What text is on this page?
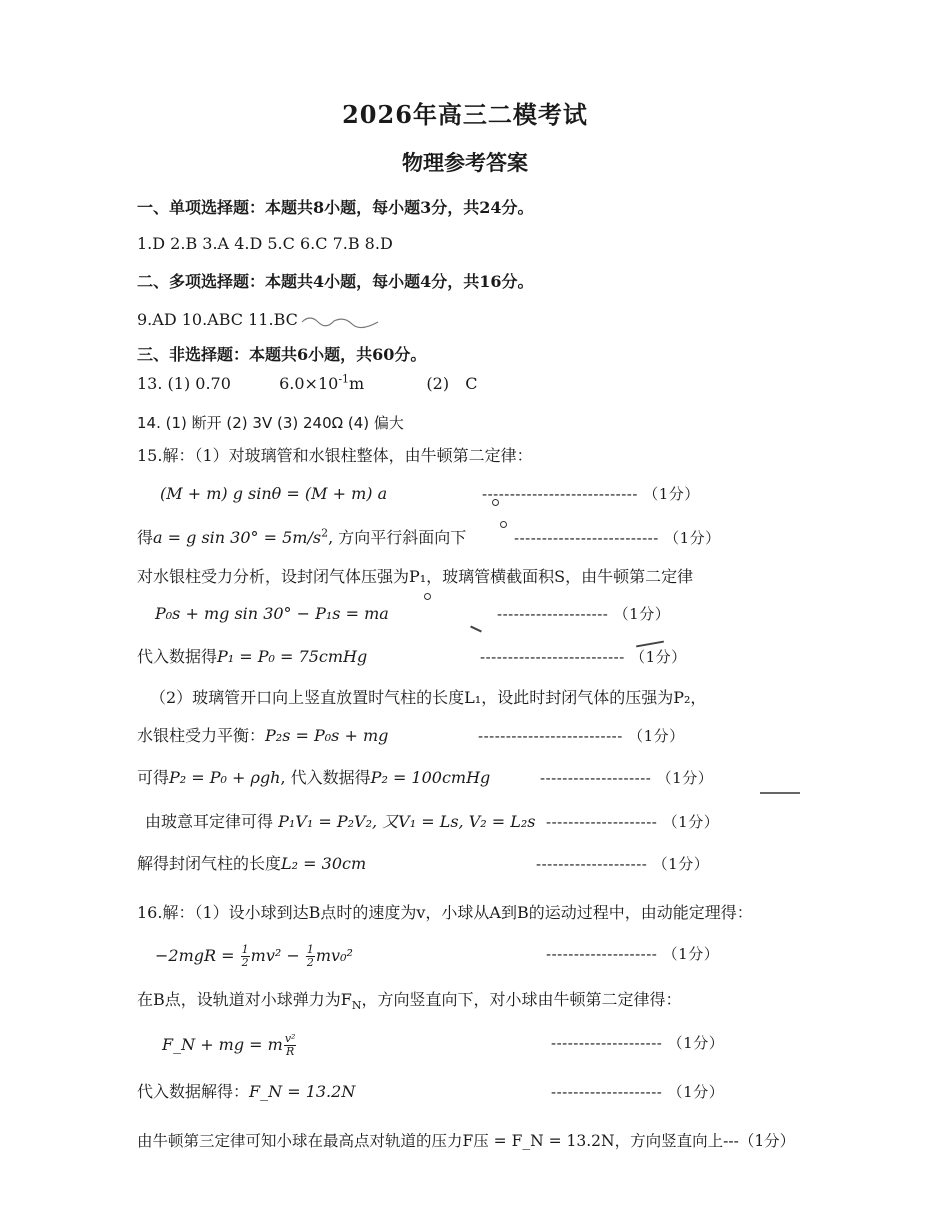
2026年高三二模考试
物理参考答案
一、单项选择题：本题共8小题，每小题3分，共24分。
1.D 2.B 3.A 4.D 5.C 6.C 7.B 8.D
二、多项选择题：本题共4小题，每小题4分，共16分。
9.AD 10.ABC 11.BC
三、非选择题：本题共6小题，共60分。
13. (1) 0.70	$6.0\times 10^{-1}m$	(2) C
14. (1) 断开 (2) 3V (3) 240Ω (4) 偏大
15.解：（1）对玻璃管和水银柱整体，由牛顿第二定律：
(M + m) g sinθ = (M + m) a	---------------------------- （1分）
得a = g $\sin 30^\circ = 5m/s^2$, 方向平行斜面向下	-------------------------- （1分）
对水银柱受力分析，设封闭气体压强为P₁，玻璃管横截面积S，由牛顿第二定律
P₀s + mg sin 30° − P₁s = ma	-------------------- （1分）
代入数据得P₁ = P₀ = 75cmHg	-------------------------- （1分）
（2）玻璃管开口向上竖直放置时气柱的长度L₁，设此时封闭气体的压强为P₂，
水银柱受力平衡：P₂s = P₀s + mg	-------------------------- （1分）
可得P₂ = P₀ + ρgh, 代入数据得P₂ = 100cmHg	-------------------- （1分）
由玻意耳定律可得 P₁V₁ = P₂V₂, 又V₁ = Ls, V₂ = L₂s -------------------- （1分）
解得封闭气柱的长度L₂ = 30cm	-------------------- （1分）
16.解：（1）设小球到达B点时的速度为v，小球从A到B的运动过程中，由动能定理得：
$-2mgR = \frac{1}{2} mv^2 - \frac{1}{2} mv_0^2$	-------------------- （1分）
在B点，设轨道对小球弹力为$F_N$，方向竖直向下，对小球由牛顿第二定律得：
F_N + mg = m $\frac{\text{v²}}{R}$	-------------------- （1分）
代入数据解得：F_N = 13.2N	-------------------- （1分）
由牛顿第三定律可知小球在最高点对轨道的压力F压 = F_N = 13.2N，方向竖直向上---（1分）
